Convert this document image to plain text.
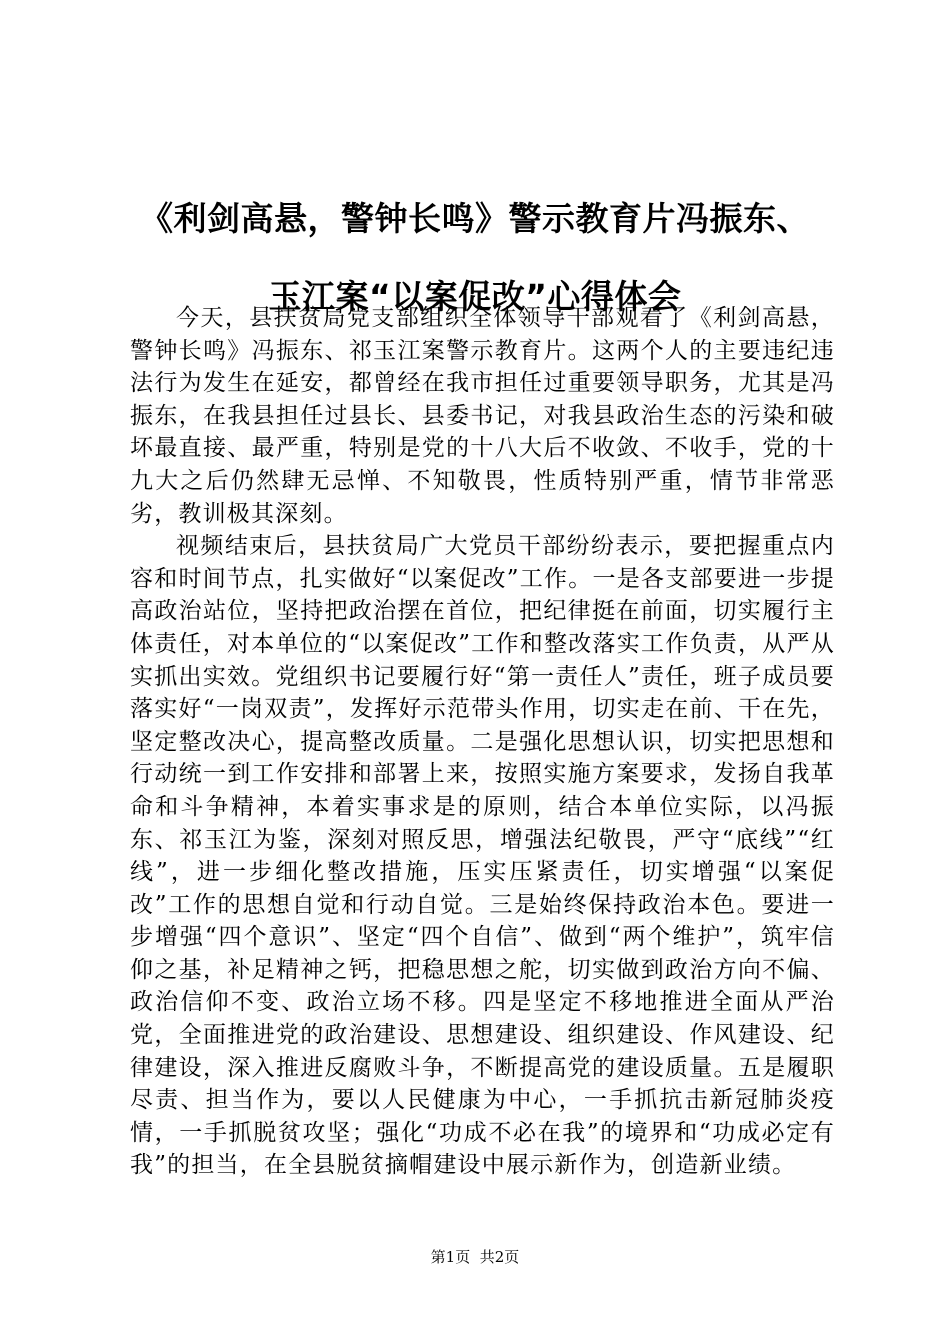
《利剑高悬，警钟长鸣》警示教育片冯振东、
玉江案“以案促改”心得体会

今天，县扶贫局党支部组织全体领导干部观看了《利剑高悬，警钟长鸣》冯振东、祁玉江案警示教育片。这两个人的主要违纪违法行为发生在延安，都曾经在我市担任过重要领导职务，尤其是冯振东，在我县担任过县长、县委书记，对我县政治生态的污染和破坏最直接、最严重，特别是党的十八大后不收敛、不收手，党的十九大之后仍然肆无忌惮、不知敬畏，性质特别严重，情节非常恶劣，教训极其深刻。

视频结束后，县扶贫局广大党员干部纷纷表示，要把握重点内容和时间节点，扎实做好“以案促改”工作。一是各支部要进一步提高政治站位，坚持把政治摆在首位，把纪律挺在前面，切实履行主体责任，对本单位的“以案促改”工作和整改落实工作负责，从严从实抓出实效。党组织书记要履行好“第一责任人”责任，班子成员要落实好“一岗双责”，发挥好示范带头作用，切实走在前、干在先，坚定整改决心，提高整改质量。二是强化思想认识，切实把思想和行动统一到工作安排和部署上来，按照实施方案要求，发扬自我革命和斗争精神，本着实事求是的原则，结合本单位实际，以冯振东、祁玉江为鉴，深刻对照反思，增强法纪敬畏，严守“底线”“红线”，进一步细化整改措施，压实压紧责任，切实增强“以案促改”工作的思想自觉和行动自觉。三是始终保持政治本色。要进一步增强“四个意识”、坚定“四个自信”、做到“两个维护”，筑牢信仰之基，补足精神之钙，把稳思想之舵，切实做到政治方向不偏、政治信仰不变、政治立场不移。四是坚定不移地推进全面从严治党，全面推进党的政治建设、思想建设、组织建设、作风建设、纪律建设，深入推进反腐败斗争，不断提高党的建设质量。五是履职尽责、担当作为，要以人民健康为中心，一手抓抗击新冠肺炎疫情，一手抓脱贫攻坚；强化“功成不必在我”的境界和“功成必定有我”的担当，在全县脱贫摘帽建设中展示新作为，创造新业绩。

第1页 共2页
